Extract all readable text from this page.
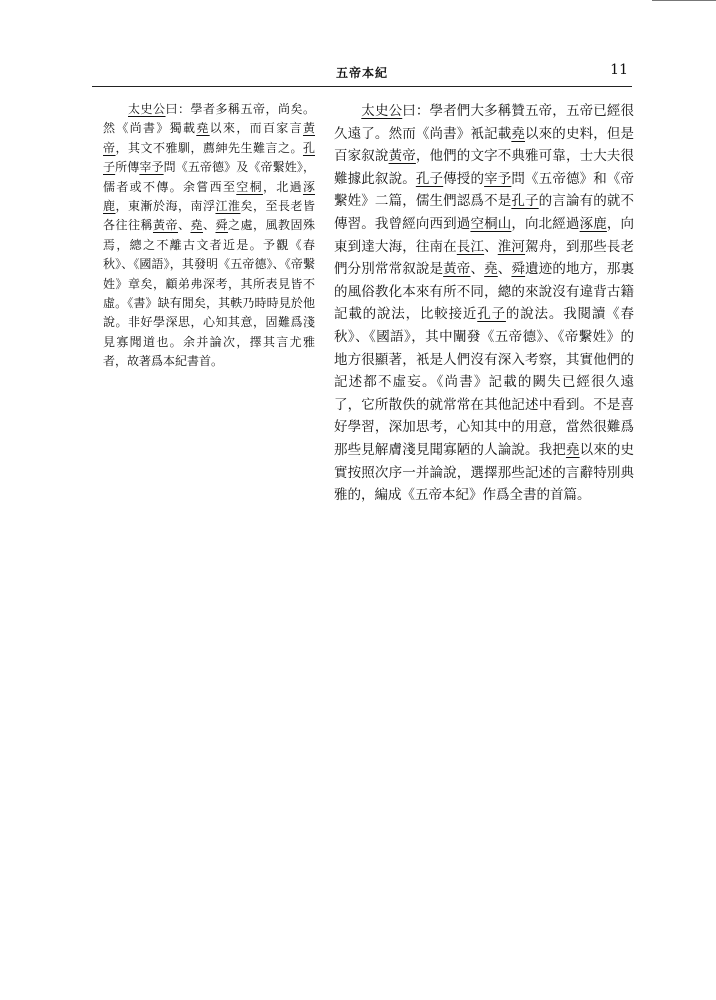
五帝本紀	11

　　太史公曰：學者多稱五帝，尚矣。然《尚書》獨載堯以來，而百家言黃帝，其文不雅馴，薦紳先生難言之。孔子所傳宰予問《五帝德》及《帝繫姓》，儒者或不傳。余嘗西至空桐，北過涿鹿，東漸於海，南浮江淮矣，至長老皆各往往稱黃帝、堯、舜之處，風教固殊焉，總之不離古文者近是。予觀《春秋》、《國語》，其發明《五帝德》、《帝繫姓》章矣，顧弟弗深考，其所表見皆不虛。《書》缺有閒矣，其軼乃時時見於他說。非好學深思，心知其意，固難爲淺見寡聞道也。余并論次，擇其言尤雅者，故著爲本紀書首。

　　太史公曰：學者們大多稱贊五帝，五帝已經很久遠了。然而《尚書》衹記載堯以來的史料，但是百家叙說黃帝，他們的文字不典雅可靠，士大夫很難據此叙說。孔子傳授的宰予問《五帝德》和《帝繫姓》二篇，儒生們認爲不是孔子的言論有的就不傳習。我曾經向西到過空桐山，向北經過涿鹿，向東到達大海，往南在長江、淮河駕舟，到那些長老們分別常常叙說是黃帝、堯、舜遺迹的地方，那裏的風俗教化本來有所不同，總的來說沒有違背古籍記載的說法，比較接近孔子的說法。我閱讀《春秋》、《國語》，其中闡發《五帝德》、《帝繫姓》的地方很顯著，衹是人們沒有深入考察，其實他們的記述都不虛妄。《尚書》記載的闕失已經很久遠了，它所散佚的就常常在其他記述中看到。不是喜好學習，深加思考，心知其中的用意，當然很難爲那些見解膚淺見聞寡陋的人論說。我把堯以來的史實按照次序一并論說，選擇那些記述的言辭特別典雅的，編成《五帝本紀》作爲全書的首篇。
